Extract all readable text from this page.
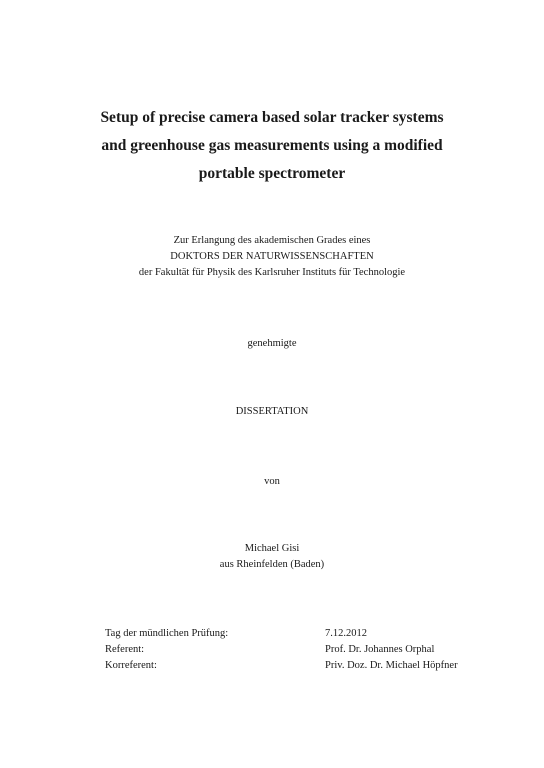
Setup of precise camera based solar tracker systems
and greenhouse gas measurements using a modified
portable spectrometer
Zur Erlangung des akademischen Grades eines
DOKTORS DER NATURWISSENSCHAFTEN
der Fakultät für Physik des Karlsruher Instituts für Technologie
genehmigte
DISSERTATION
von
Michael Gisi
aus Rheinfelden (Baden)
Tag der mündlichen Prüfung:	7.12.2012
Referent:	Prof. Dr. Johannes Orphal
Korreferent:	Priv. Doz. Dr. Michael Höpfner
